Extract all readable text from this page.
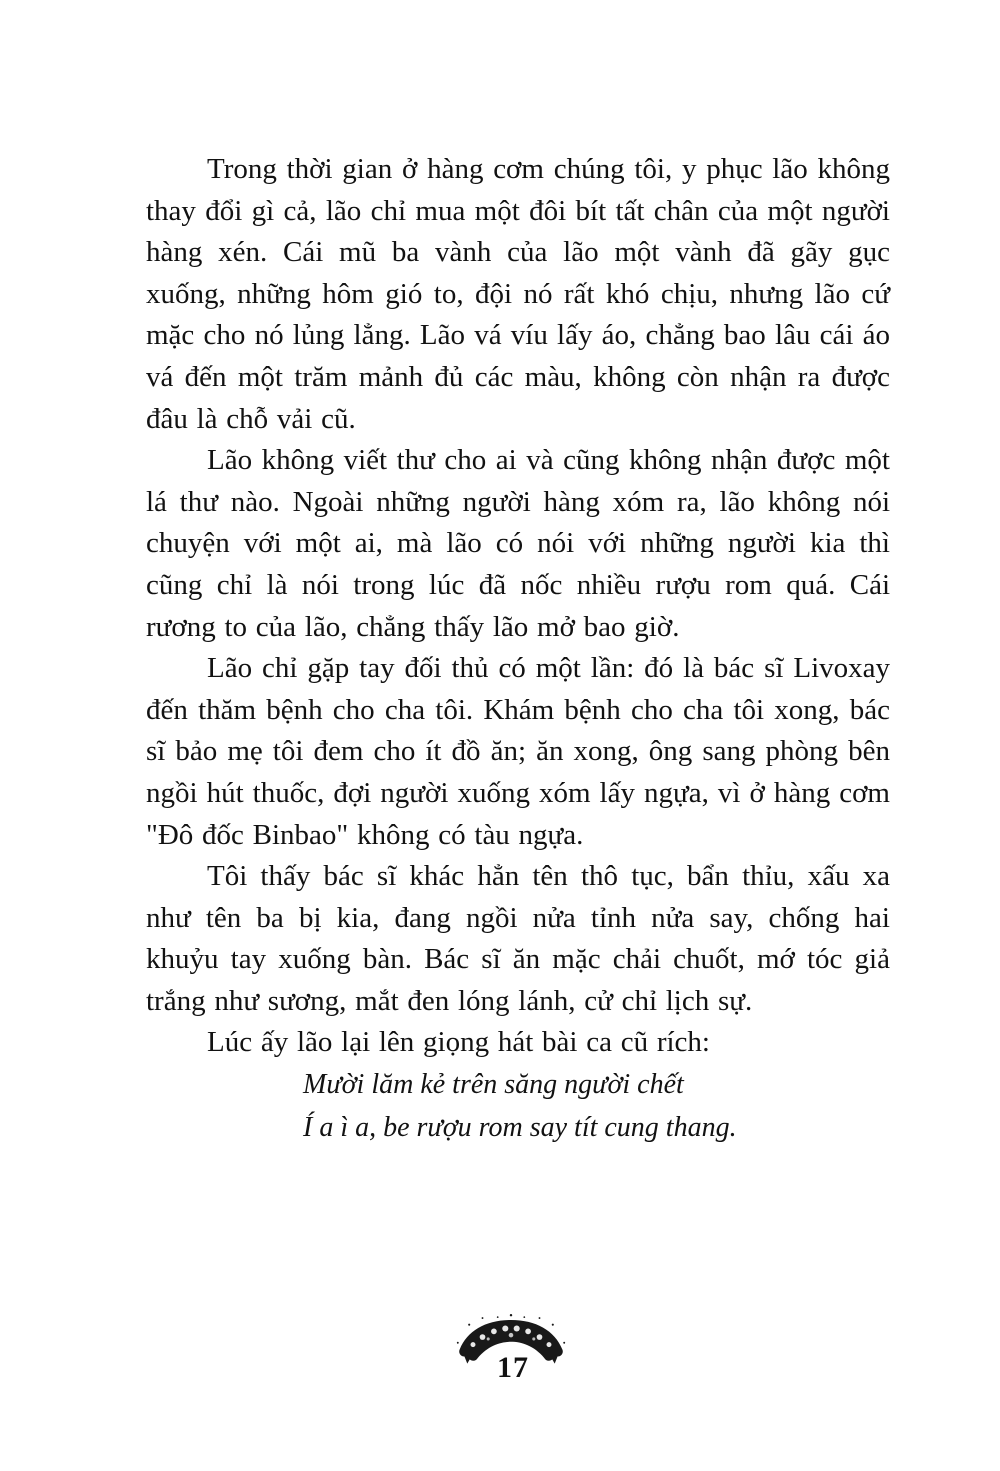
Trong thời gian ở hàng cơm chúng tôi, y phục lão không thay đổi gì cả, lão chỉ mua một đôi bít tất chân của một người hàng xén. Cái mũ ba vành của lão một vành đã gãy gục xuống, những hôm gió to, đội nó rất khó chịu, nhưng lão cứ mặc cho nó lủng lẳng. Lão vá víu lấy áo, chẳng bao lâu cái áo vá đến một trăm mảnh đủ các màu, không còn nhận ra được đâu là chỗ vải cũ.

Lão không viết thư cho ai và cũng không nhận được một lá thư nào. Ngoài những người hàng xóm ra, lão không nói chuyện với một ai, mà lão có nói với những người kia thì cũng chỉ là nói trong lúc đã nốc nhiều rượu rom quá. Cái rương to của lão, chẳng thấy lão mở bao giờ.

Lão chỉ gặp tay đối thủ có một lần: đó là bác sĩ Livoxay đến thăm bệnh cho cha tôi. Khám bệnh cho cha tôi xong, bác sĩ bảo mẹ tôi đem cho ít đồ ăn; ăn xong, ông sang phòng bên ngồi hút thuốc, đợi người xuống xóm lấy ngựa, vì ở hàng cơm "Đô đốc Binbao" không có tàu ngựa.

Tôi thấy bác sĩ khác hẳn tên thô tục, bẩn thỉu, xấu xa như tên ba bị kia, đang ngồi nửa tỉnh nửa say, chống hai khuỷu tay xuống bàn. Bác sĩ ăn mặc chải chuốt, mớ tóc giả trắng như sương, mắt đen lóng lánh, cử chỉ lịch sự.

Lúc ấy lão lại lên giọng hát bài ca cũ rích:

Mười lăm kẻ trên săng người chết

Í a ì a, be rượu rom say tít cung thang.

17
